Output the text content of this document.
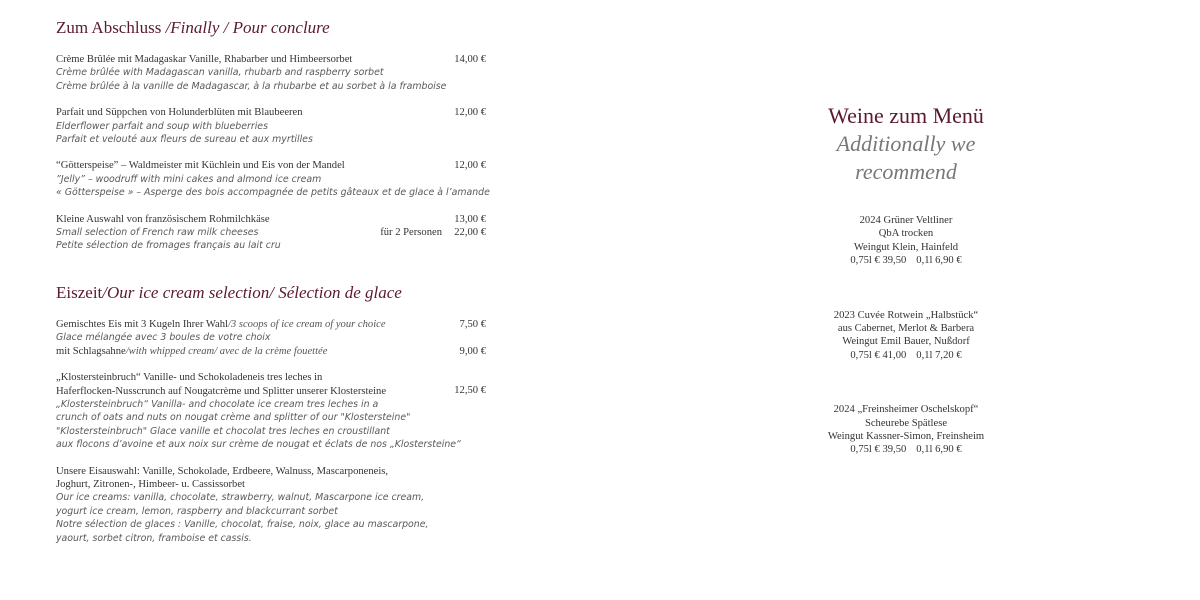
Zum Abschluss /Finally / Pour conclure
14,00 €
Crème Brûlée mit Madagaskar Vanille, Rhabarber und Himbeersorbet
Crème brûlée with Madagascan vanilla, rhubarb and raspberry sorbet
Crème brûlée à la vanille de Madagascar, à la rhubarbe et au sorbet à la framboise
12,00 €
Parfait und Süppchen von Holunderblüten mit Blaubeeren
Elderflower parfait and soup with blueberries
Parfait et velouté aux fleurs de sureau et aux myrtilles
12,00 €
“Götterspeise” – Waldmeister mit Küchlein und Eis von der Mandel
”Jelly” – woodruff with mini cakes and almond ice cream
« Götterspeise » – Asperge des bois accompagnée de petits gâteaux et de glace à l’amande
13,00 €
für 2 Personen 22,00 €
Kleine Auswahl von französischem Rohmilchkäse
Small selection of French raw milk cheeses
Petite sélection de fromages français au lait cru
Eiszeit/Our ice cream selection/ Sélection de glace
7,50 €
9,00 €
Gemischtes Eis mit 3 Kugeln Ihrer Wahl/3 scoops of ice cream of your choice
Glace mélangée avec 3 boules de votre choix
mit Schlagsahne/with whipped cream/ avec de la crème fouettée
12,50 €
„Klostersteinbruch“ Vanille- und Schokoladeneis tres leches in
Haferflocken-Nusscrunch auf Nougatcrème und Splitter unserer Klostersteine
„Klostersteinbruch“ Vanilla- and chocolate ice cream tres leches in a
crunch of oats and nuts on nougat crème and splitter of our "Klostersteine"
"Klostersteinbruch" Glace vanille et chocolat tres leches en croustillant
aux flocons d’avoine et aux noix sur crème de nougat et éclats de nos „Klostersteine“
Unsere Eisauswahl: Vanille, Schokolade, Erdbeere, Walnuss, Mascarponeneis,
Joghurt, Zitronen-, Himbeer- u. Cassissorbet
Our ice creams: vanilla, chocolate, strawberry, walnut, Mascarpone ice cream,
yogurt ice cream, lemon, raspberry and blackcurrant sorbet
Notre sélection de glaces : Vanille, chocolat, fraise, noix, glace au mascarpone,
yaourt, sorbet citron, framboise et cassis.
Weine zum Menü
Additionally we recommend
2024 Grüner Veltliner
QbA trocken
Weingut Klein, Hainfeld
0,75l € 39,50 0,1l 6,90 €
2023 Cuvée Rotwein „Halbstück“
aus Cabernet, Merlot & Barbera
Weingut Emil Bauer, Nußdorf
0,75l € 41,00 0,1l 7,20 €
2024 „Freinsheimer Oschelskopf“
Scheurebe Spätlese
Weingut Kassner-Simon, Freinsheim
0,75l € 39,50 0,1l 6,90 €
